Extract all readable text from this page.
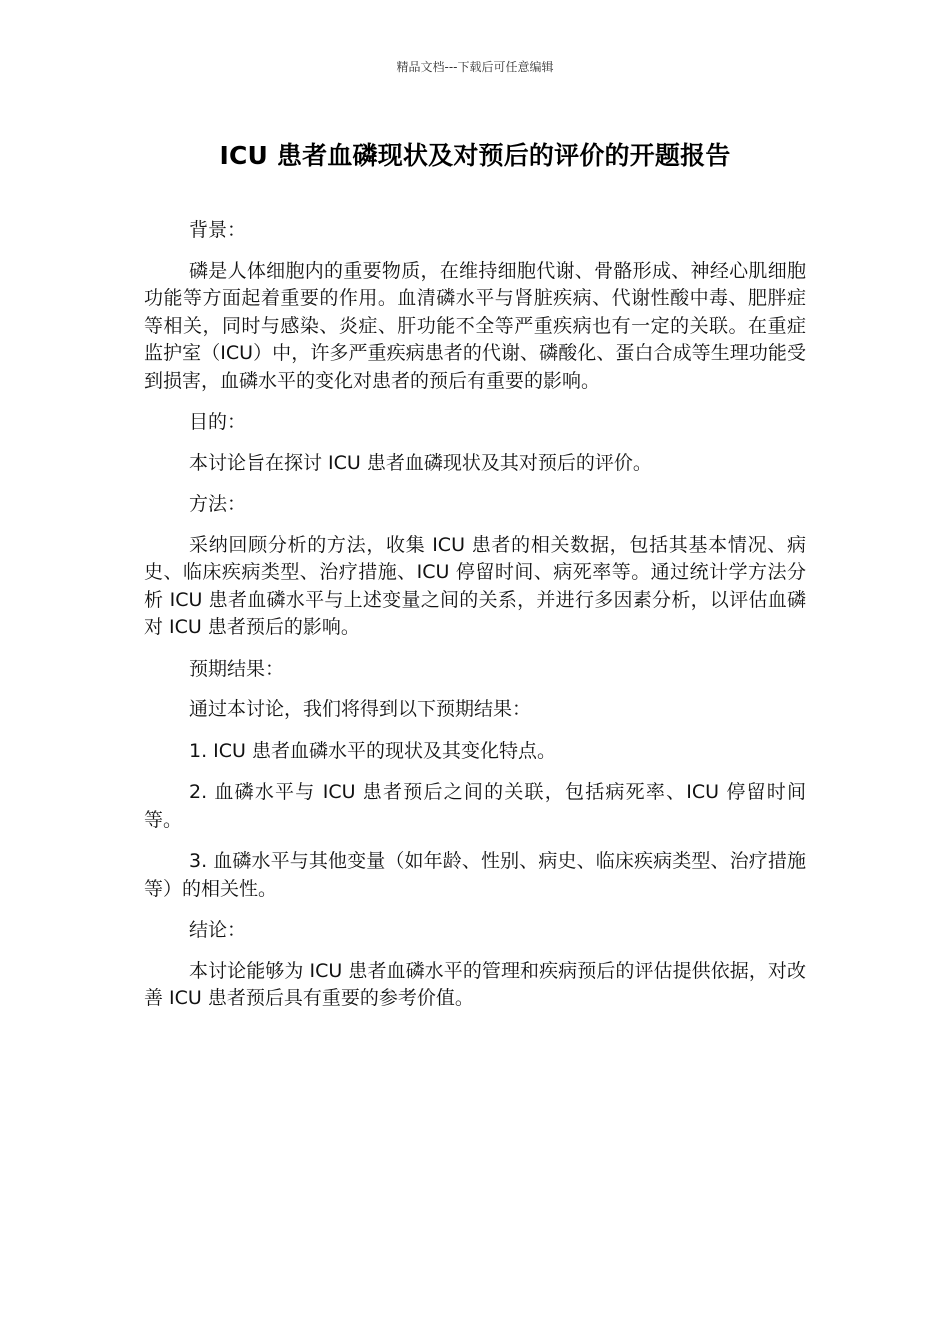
精品文档---下载后可任意编辑
ICU 患者血磷现状及对预后的评价的开题报告

背景：

磷是人体细胞内的重要物质，在维持细胞代谢、骨骼形成、神经心肌细胞功能等方面起着重要的作用。血清磷水平与肾脏疾病、代谢性酸中毒、肥胖症等相关，同时与感染、炎症、肝功能不全等严重疾病也有一定的关联。在重症监护室（ICU）中，许多严重疾病患者的代谢、磷酸化、蛋白合成等生理功能受到损害，血磷水平的变化对患者的预后有重要的影响。

目的：

本讨论旨在探讨 ICU 患者血磷现状及其对预后的评价。

方法：

采纳回顾分析的方法，收集 ICU 患者的相关数据，包括其基本情况、病史、临床疾病类型、治疗措施、ICU 停留时间、病死率等。通过统计学方法分析 ICU 患者血磷水平与上述变量之间的关系，并进行多因素分析，以评估血磷对 ICU 患者预后的影响。

预期结果：

通过本讨论，我们将得到以下预期结果：

1. ICU 患者血磷水平的现状及其变化特点。

2. 血磷水平与 ICU 患者预后之间的关联，包括病死率、ICU 停留时间等。

3. 血磷水平与其他变量（如年龄、性别、病史、临床疾病类型、治疗措施等）的相关性。

结论：

本讨论能够为 ICU 患者血磷水平的管理和疾病预后的评估提供依据，对改善 ICU 患者预后具有重要的参考价值。
